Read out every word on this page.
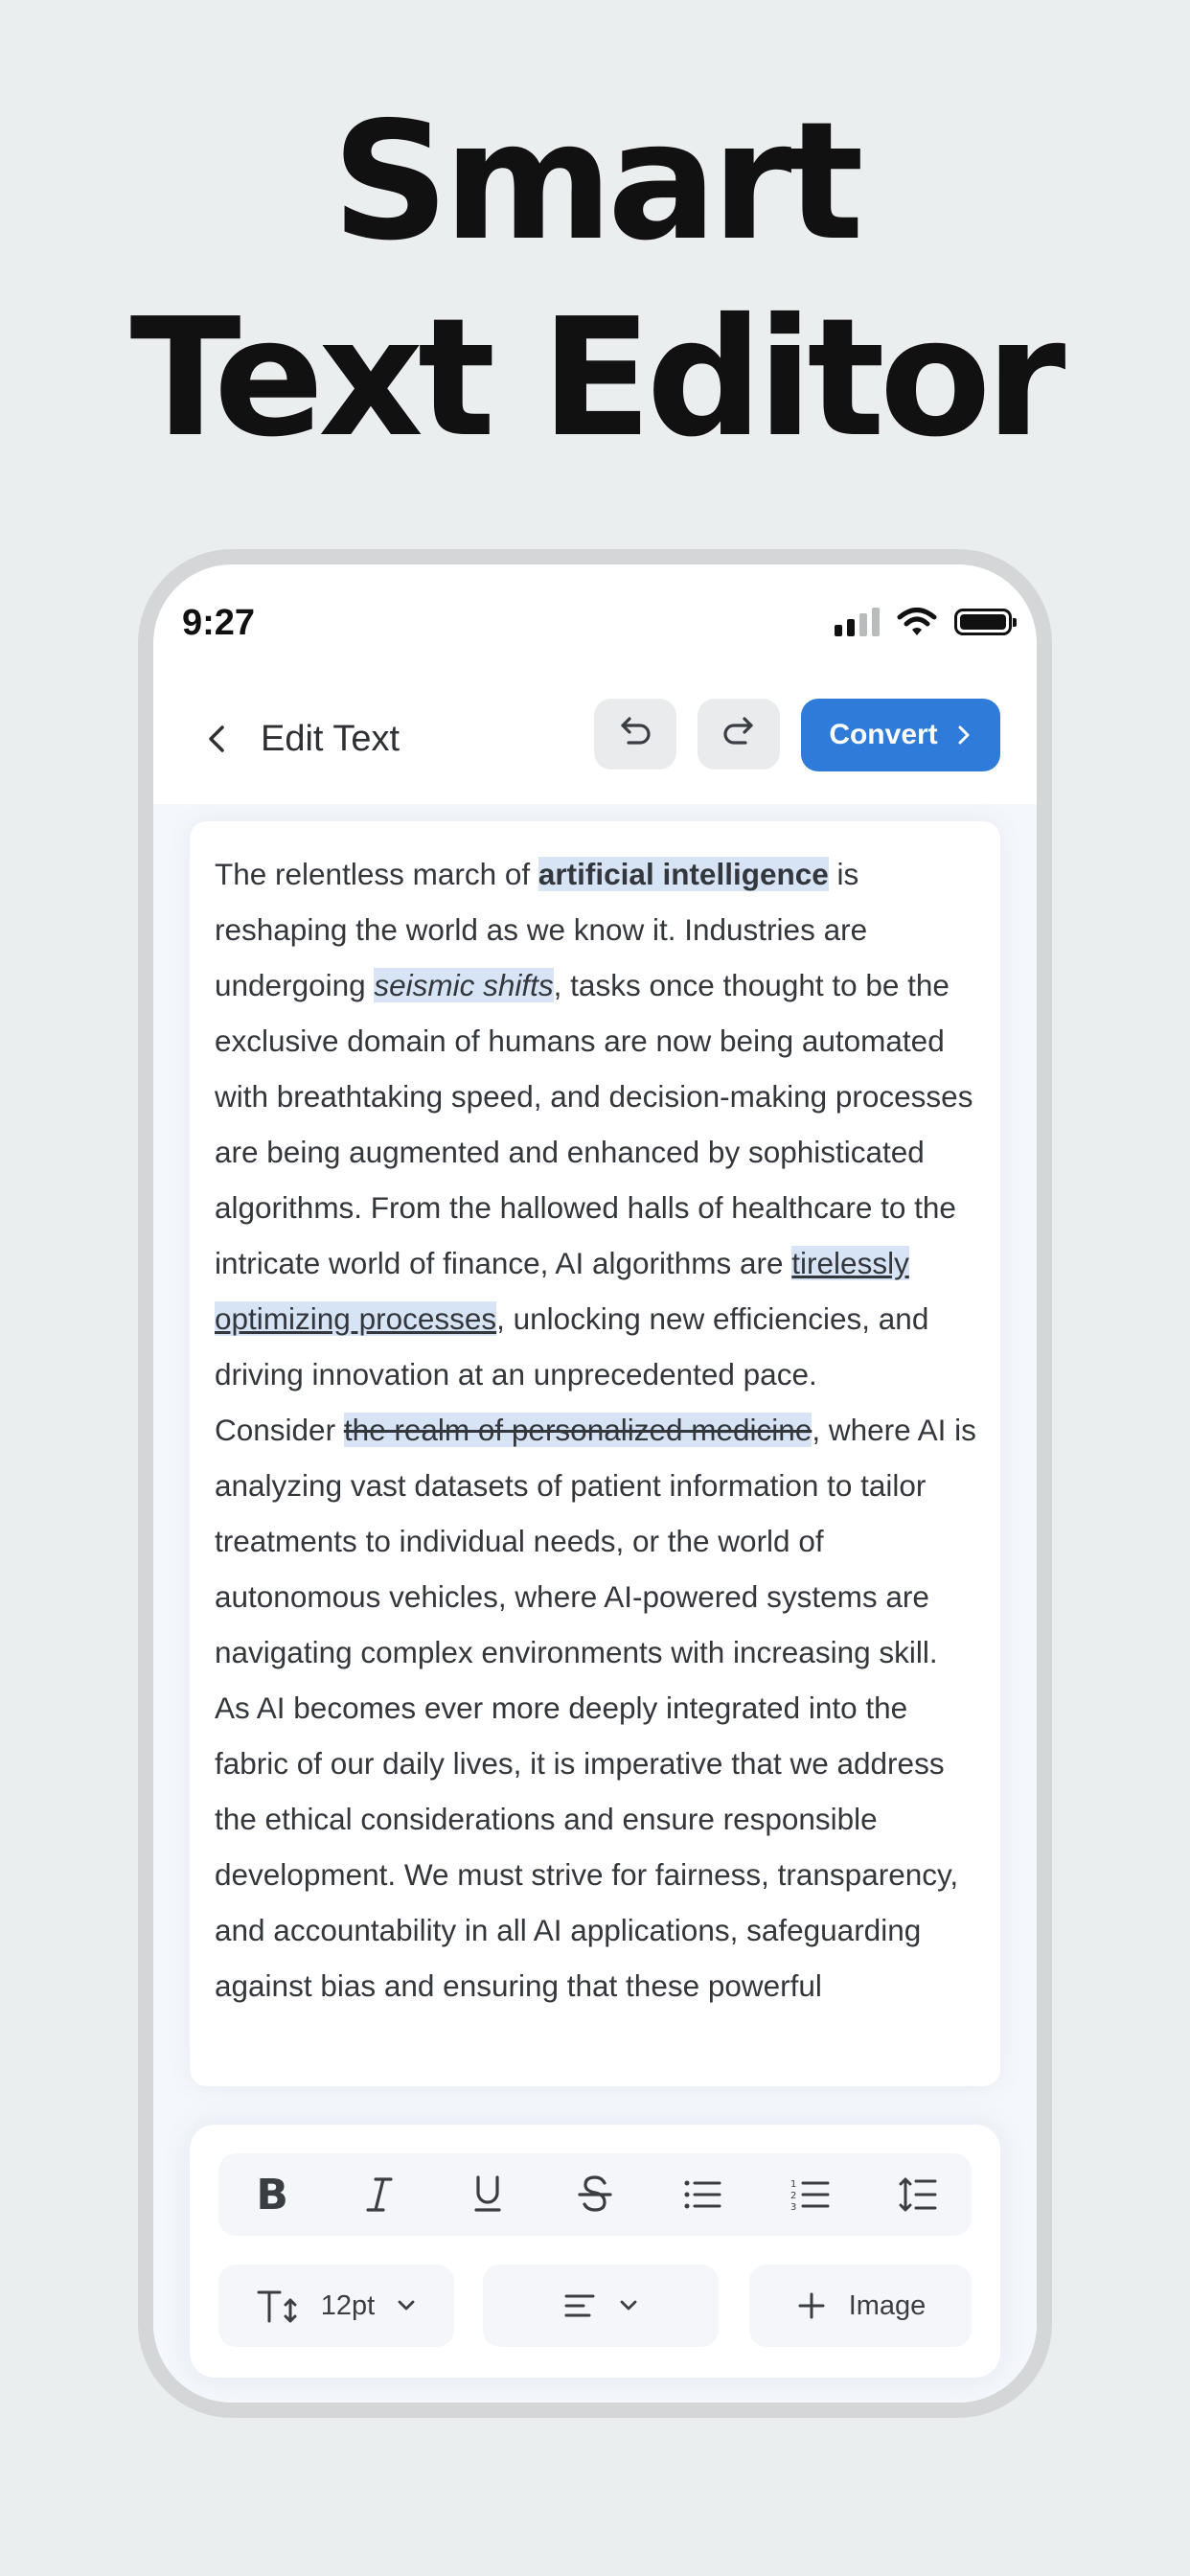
Smart
Text Editor
9:27
Edit Text	Convert

The relentless march of artificial intelligence is reshaping the world as we know it. Industries are undergoing seismic shifts, tasks once thought to be the exclusive domain of humans are now being automated with breathtaking speed, and decision-making processes are being augmented and enhanced by sophisticated algorithms. From the hallowed halls of healthcare to the intricate world of finance, AI algorithms are tirelessly optimizing processes, unlocking new efficiencies, and driving innovation at an unprecedented pace.

Consider the realm of personalized medicine, where AI is analyzing vast datasets of patient information to tailor treatments to individual needs, or the world of autonomous vehicles, where AI-powered systems are navigating complex environments with increasing skill. As AI becomes ever more deeply integrated into the fabric of our daily lives, it is imperative that we address the ethical considerations and ensure responsible development. We must strive for fairness, transparency, and accountability in all AI applications, safeguarding against bias and ensuring that these powerful

B	1
2
3
12pt	Image
